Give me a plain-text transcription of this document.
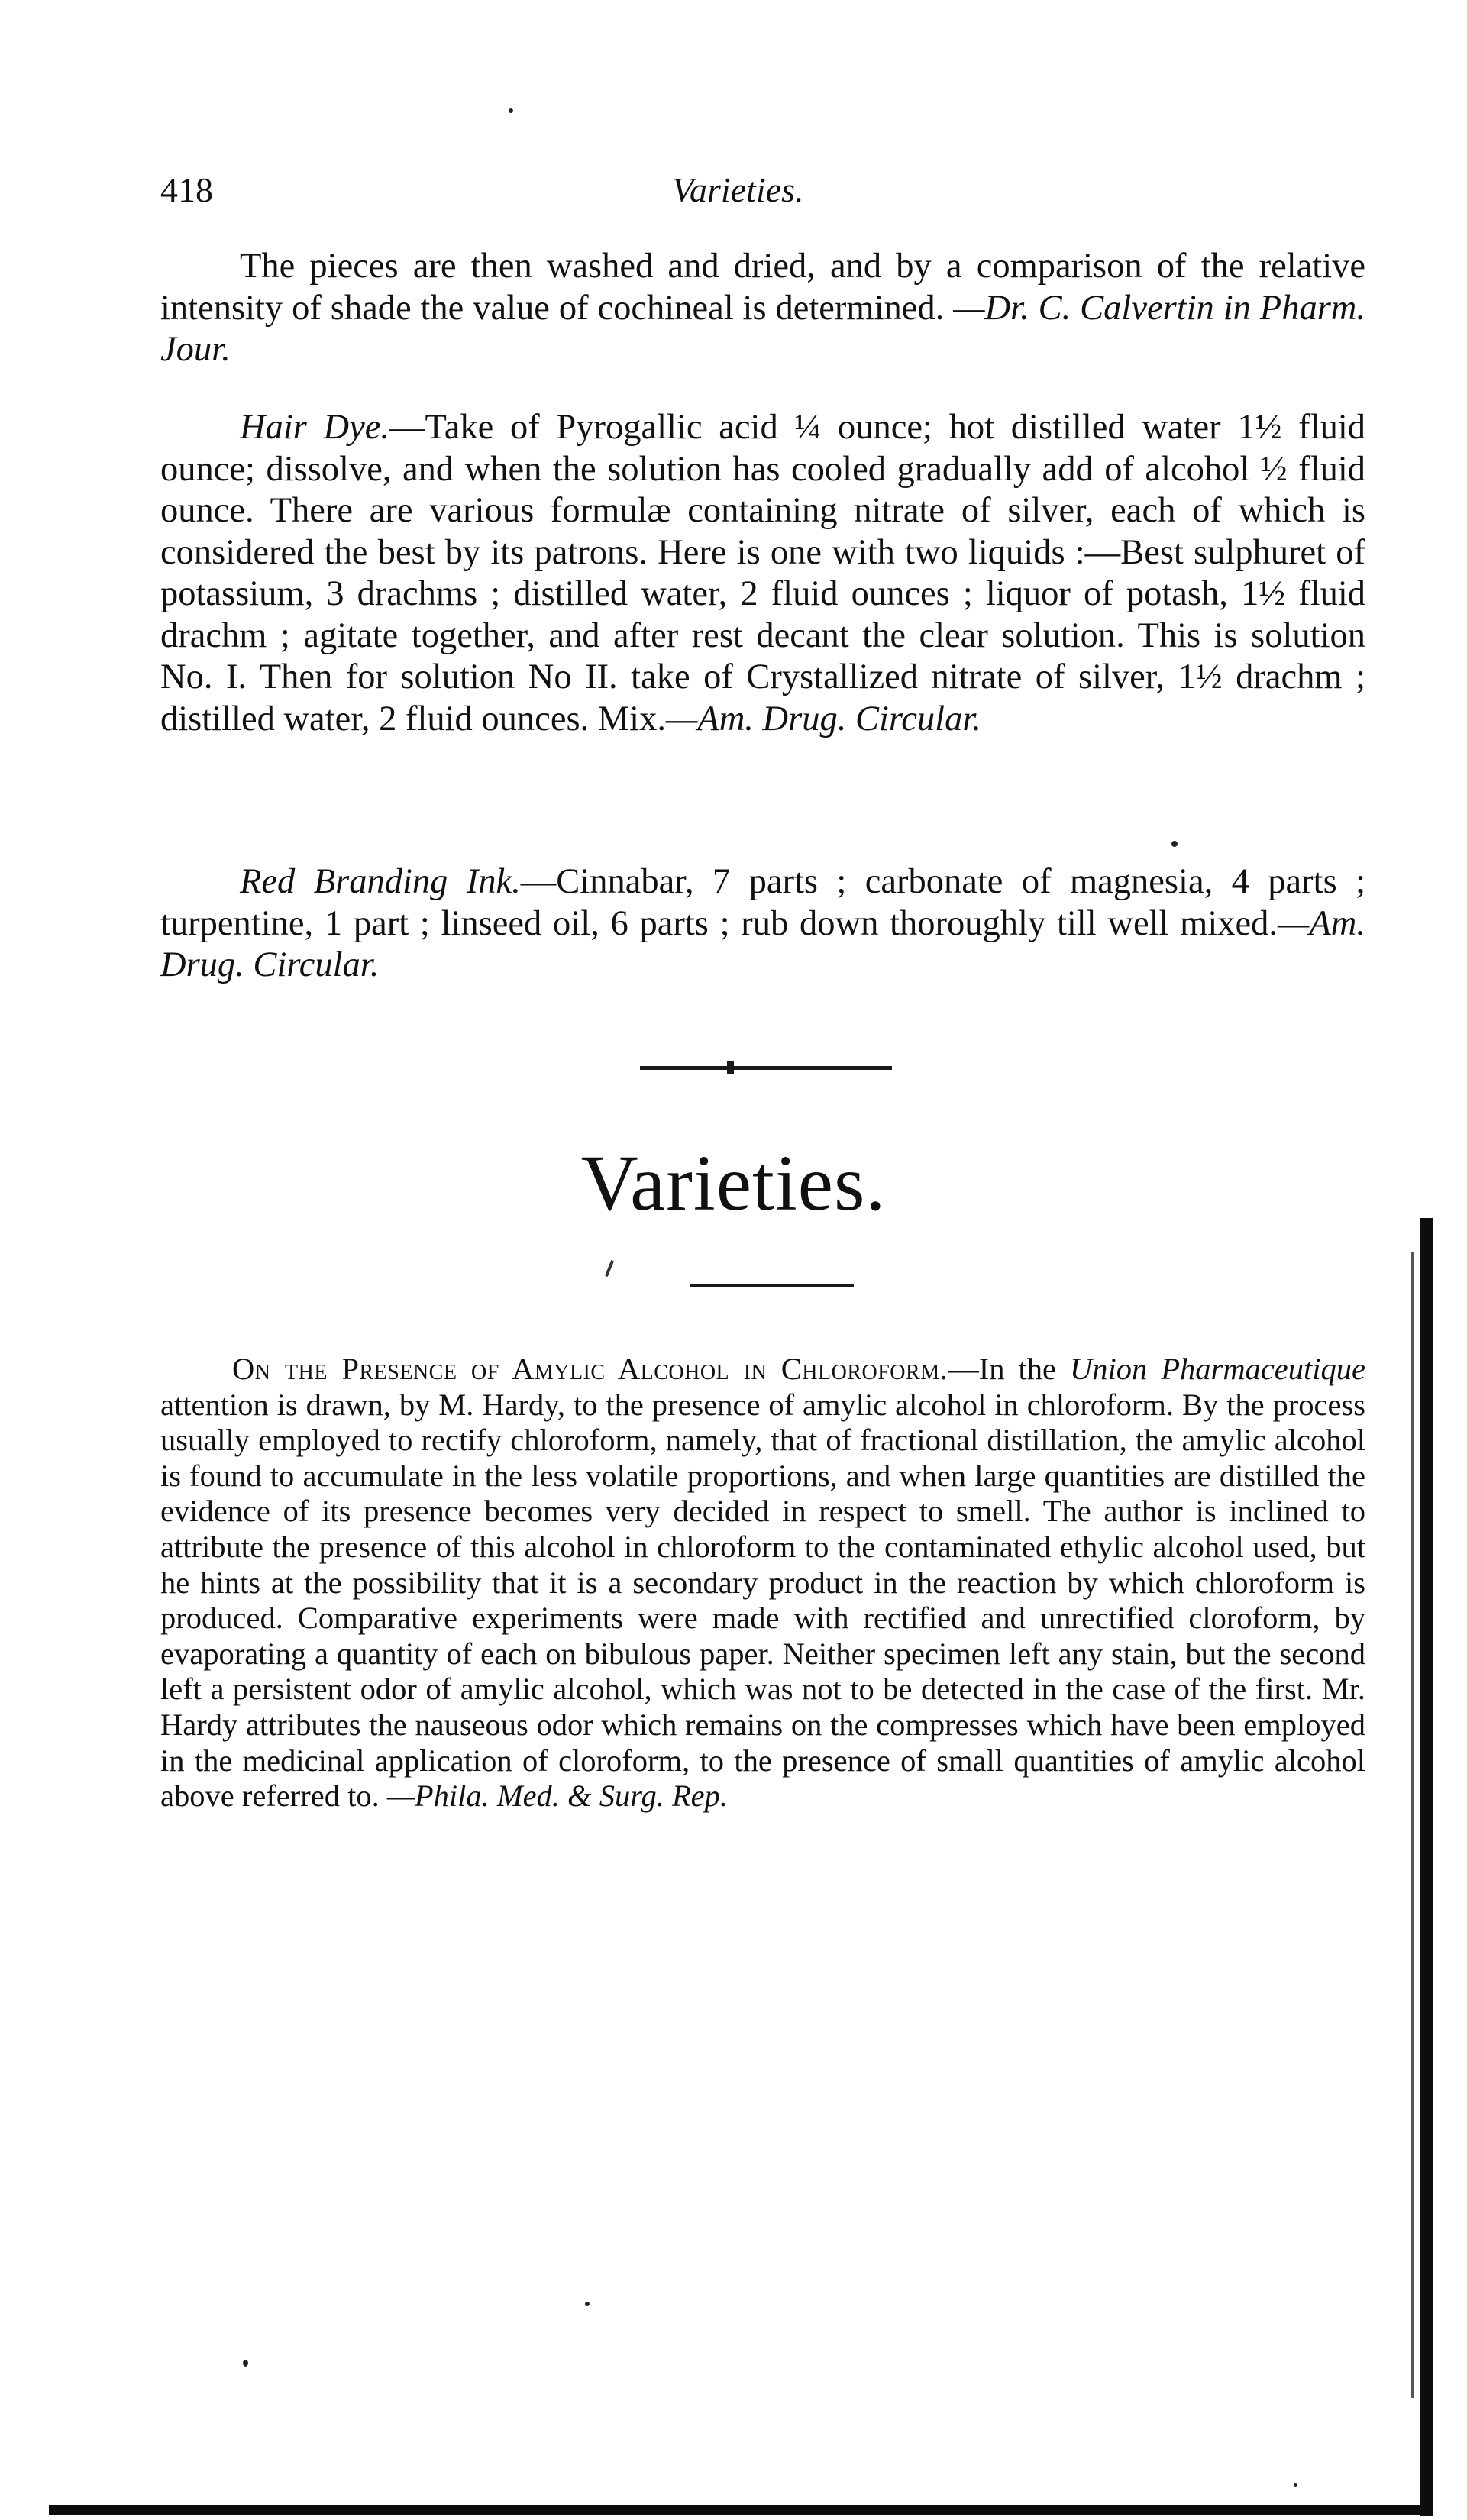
418	Varieties.

The pieces are then washed and dried, and by a comparison of the relative intensity of shade the value of cochineal is determined. —Dr. C. Calvertin in Pharm. Jour.

Hair Dye.—Take of Pyrogallic acid ¼ ounce; hot distilled water 1½ fluid ounce; dissolve, and when the solution has cooled gradually add of alcohol ½ fluid ounce. There are various formulæ containing nitrate of silver, each of which is considered the best by its patrons. Here is one with two liquids :—Best sulphuret of potassium, 3 drachms ; distilled water, 2 fluid ounces ; liquor of potash, 1½ fluid drachm ; agitate together, and after rest decant the clear solution. This is solution No. I. Then for solution No II. take of Crystallized nitrate of silver, 1½ drachm ; distilled water, 2 fluid ounces. Mix.—Am. Drug. Circular.

Red Branding Ink.—Cinnabar, 7 parts ; carbonate of magnesia, 4 parts ; turpentine, 1 part ; linseed oil, 6 parts ; rub down thoroughly till well mixed.—Am. Drug. Circular.

Varieties.

On the Presence of Amylic Alcohol in Chloroform.—In the Union Pharmaceutique attention is drawn, by M. Hardy, to the presence of amylic alcohol in chloroform. By the process usually employed to rectify chloroform, namely, that of fractional distillation, the amylic alcohol is found to accumulate in the less volatile proportions, and when large quantities are distilled the evidence of its presence becomes very decided in respect to smell. The author is inclined to attribute the presence of this alcohol in chloroform to the contaminated ethylic alcohol used, but he hints at the possibility that it is a secondary product in the reaction by which chloroform is produced. Comparative experiments were made with rectified and unrectified cloroform, by evaporating a quantity of each on bibulous paper. Neither specimen left any stain, but the second left a persistent odor of amylic alcohol, which was not to be detected in the case of the first. Mr. Hardy attributes the nauseous odor which remains on the compresses which have been employed in the medicinal application of cloroform, to the presence of small quantities of amylic alcohol above referred to. —Phila. Med. & Surg. Rep.
